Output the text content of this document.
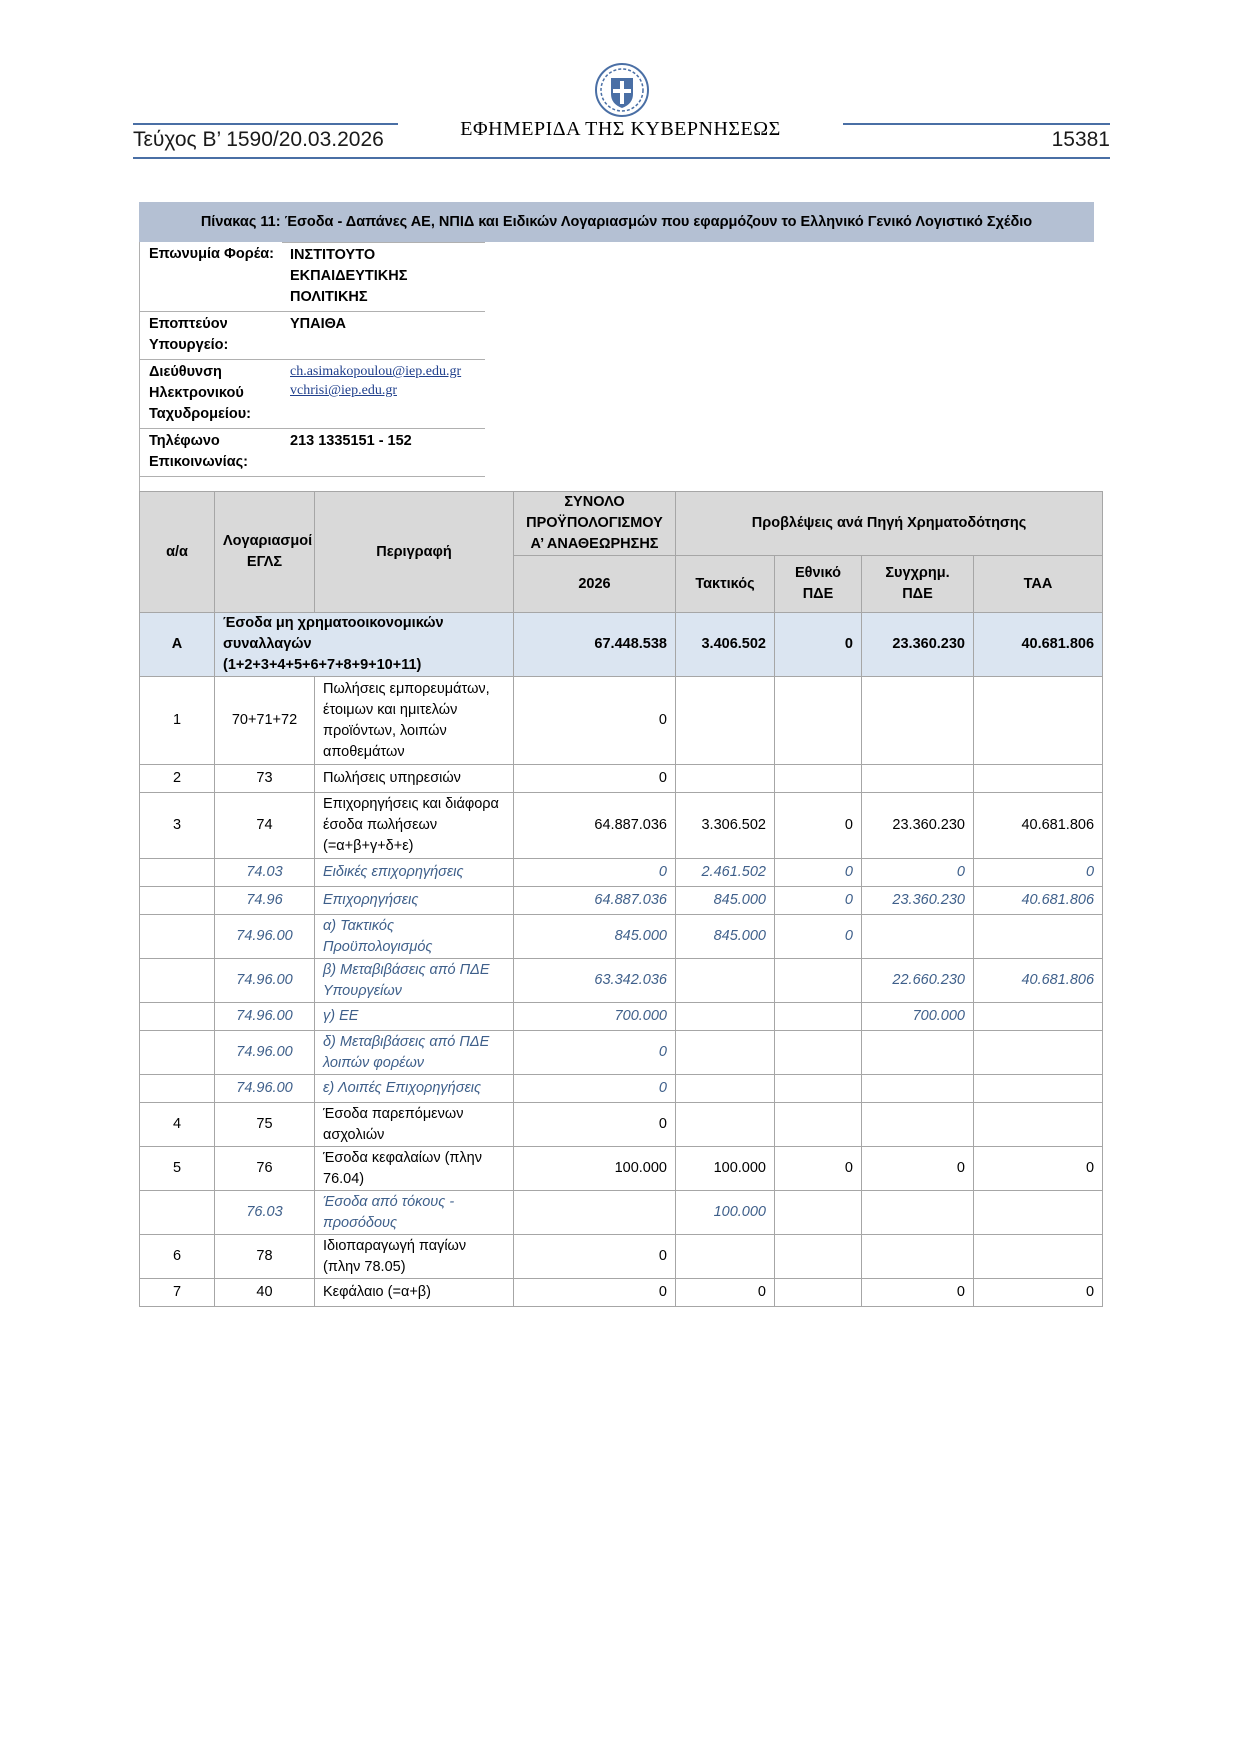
Τεύχος Β’ 1590/20.03.2026	ΕΦΗΜΕΡΙΔΑ ΤΗΣ ΚΥΒΕΡΝΗΣΕΩΣ	15381
Πίνακας 11: Έσοδα - Δαπάνες ΑΕ, ΝΠΙΔ και Ειδικών Λογαριασμών που εφαρμόζουν το Ελληνικό Γενικό Λογιστικό Σχέδιο
Επωνυμία Φορέα:	ΙΝΣΤΙΤΟΥΤΟ ΕΚΠΑΙΔΕΥΤΙΚΗΣ ΠΟΛΙΤΙΚΗΣ
Εποπτεύον Υπουργείο:
ΥΠΑΙΘΑ
Διεύθυνση Ηλεκτρονικού Ταχυδρομείου:
ch.asimakopoulou@iep.edu.gr
vchrisi@iep.edu.gr
Τηλέφωνο Επικοινωνίας:
213 1335151 - 152
α/α	Λογαριασμοί ΕΓΛΣ	Περιγραφή	ΣΥΝΟΛΟ ΠΡΟΫΠΟΛΟΓΙΣΜΟΥ Α’ ΑΝΑΘΕΩΡΗΣΗΣ	Προβλέψεις ανά Πηγή Χρηματοδότησης			
			2026	Τακτικός	Εθνικό ΠΔΕ	Συγχρημ. ΠΔΕ	ΤΑΑ
Α	Έσοδα μη χρηματοοικονομικών συναλλαγών (1+2+3+4+5+6+7+8+9+10+11)		67.448.538	3.406.502	0	23.360.230	40.681.806
1	70+71+72	Πωλήσεις εμπορευμάτων, έτοιμων και ημιτελών προϊόντων, λοιπών αποθεμάτων	0				
2	73	Πωλήσεις υπηρεσιών	0				
3	74	Επιχορηγήσεις και διάφορα έσοδα πωλήσεων (=α+β+γ+δ+ε)	64.887.036	3.306.502	0	23.360.230	40.681.806
	74.03	Ειδικές επιχορηγήσεις	0	2.461.502	0	0	0
	74.96	Επιχορηγήσεις	64.887.036	845.000	0	23.360.230	40.681.806
	74.96.00	α) Τακτικός Προϋπολογισμός	845.000	845.000	0		
	74.96.00	β) Μεταβιβάσεις από ΠΔΕ Υπουργείων	63.342.036			22.660.230	40.681.806
	74.96.00	γ) ΕΕ	700.000			700.000	
	74.96.00	δ) Μεταβιβάσεις από ΠΔΕ λοιπών φορέων	0				
	74.96.00	ε) Λοιπές Επιχορηγήσεις	0				
4	75	Έσοδα παρεπόμενων ασχολιών	0				
5	76	Έσοδα κεφαλαίων (πλην 76.04)	100.000	100.000	0	0	0
	76.03	Έσοδα από τόκους - προσόδους		100.000			
6	78	Ιδιοπαραγωγή παγίων (πλην 78.05)	0				
7	40	Κεφάλαιο (=α+β)	0	0		0	0
